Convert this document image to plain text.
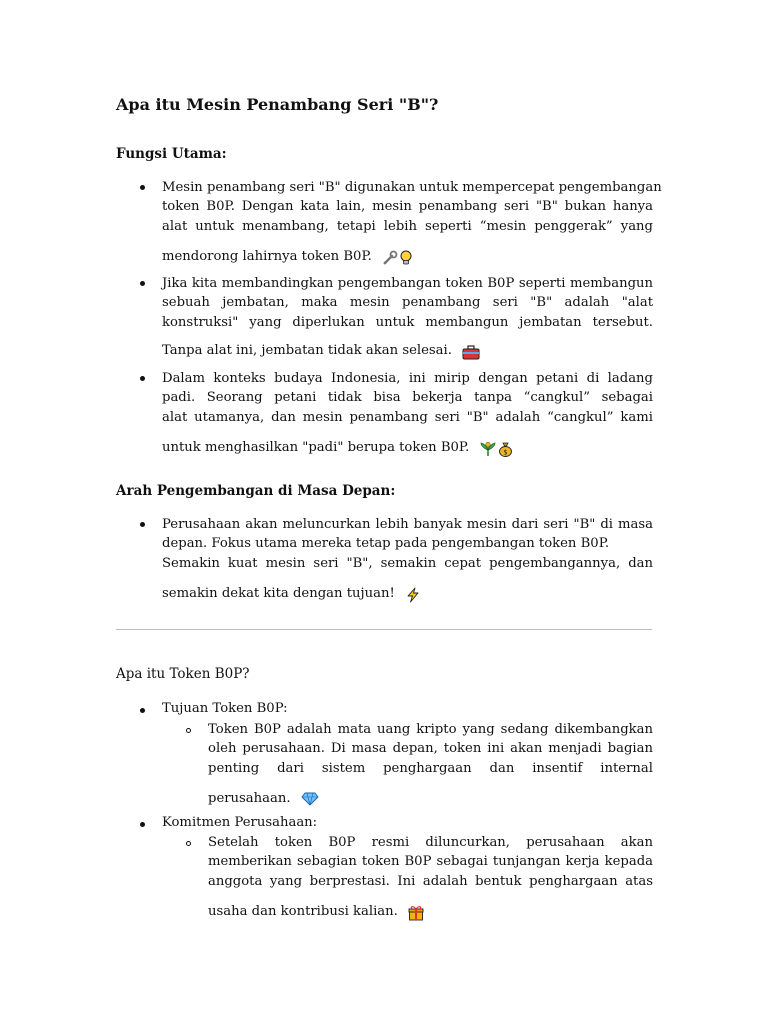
Apa itu Mesin Penambang Seri "B"?
Fungsi Utama:
Mesin penambang seri "B" digunakan untuk mempercepat pengembangan
token B0P. Dengan kata lain, mesin penambang seri "B" bukan hanya
alat untuk menambang, tetapi lebih seperti “mesin penggerak” yang
mendorong lahirnya token B0P.
Jika kita membandingkan pengembangan token B0P seperti membangun
sebuah jembatan, maka mesin penambang seri "B" adalah "alat
konstruksi" yang diperlukan untuk membangun jembatan tersebut.
Tanpa alat ini, jembatan tidak akan selesai.
Dalam konteks budaya Indonesia, ini mirip dengan petani di ladang
padi. Seorang petani tidak bisa bekerja tanpa “cangkul” sebagai
alat utamanya, dan mesin penambang seri "B" adalah “cangkul” kami
untuk menghasilkan "padi" berupa token B0P.	$
Arah Pengembangan di Masa Depan:
Perusahaan akan meluncurkan lebih banyak mesin dari seri "B" di masa
depan. Fokus utama mereka tetap pada pengembangan token B0P.
Semakin kuat mesin seri "B", semakin cepat pengembangannya, dan
semakin dekat kita dengan tujuan!
Apa itu Token B0P?
Tujuan Token B0P:
Token B0P adalah mata uang kripto yang sedang dikembangkan
oleh perusahaan. Di masa depan, token ini akan menjadi bagian
penting dari sistem penghargaan dan insentif internal
perusahaan.
Komitmen Perusahaan:
Setelah token B0P resmi diluncurkan, perusahaan akan
memberikan sebagian token B0P sebagai tunjangan kerja kepada
anggota yang berprestasi. Ini adalah bentuk penghargaan atas
usaha dan kontribusi kalian.
